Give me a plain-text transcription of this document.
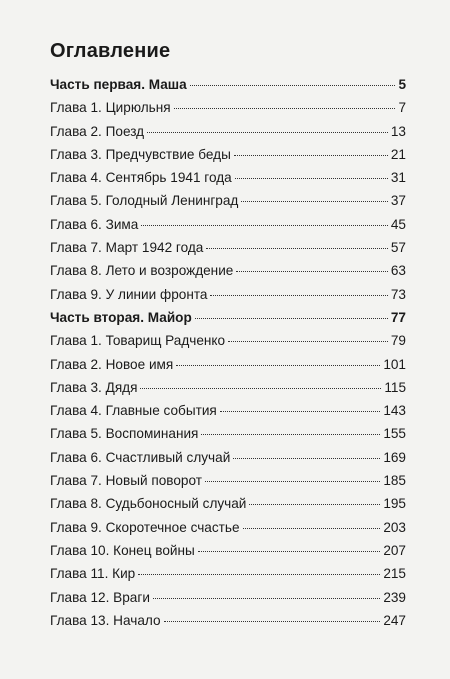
Оглавление
Часть первая. Маша	5
Глава 1. Цирюльня	7
Глава 2. Поезд	13
Глава 3. Предчувствие беды	21
Глава 4. Сентябрь 1941 года	31
Глава 5. Голодный Ленинград	37
Глава 6. Зима	45
Глава 7. Март 1942 года	57
Глава 8. Лето и возрождение	63
Глава 9. У линии фронта	73
Часть вторая. Майор	77
Глава 1. Товарищ Радченко	79
Глава 2. Новое имя	101
Глава 3. Дядя	115
Глава 4. Главные события	143
Глава 5. Воспоминания	155
Глава 6. Счастливый случай	169
Глава 7. Новый поворот	185
Глава 8. Судьбоносный случай	195
Глава 9. Скоротечное счастье	203
Глава 10. Конец войны	207
Глава 11. Кир	215
Глава 12. Враги	239
Глава 13. Начало	247
